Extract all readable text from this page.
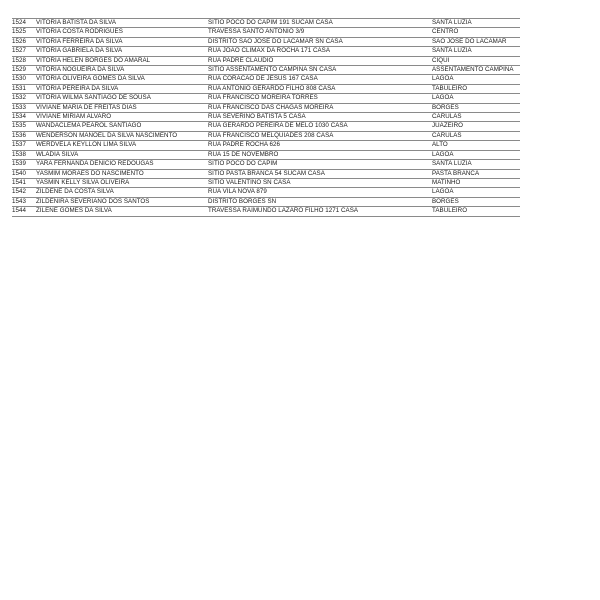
1524	VITORIA BATISTA DA SILVA	SITIO POCO DO CAPIM 191 SUCAM CASA	SANTA LUZIA
1525	VITORIA COSTA RODRIGUES	TRAVESSA SANTO ANTONIO 3/9	CENTRO
1526	VITORIA FERREIRA DA SILVA	DISTRITO SAO JOSE DO LACAMAR SN CASA	SAO JOSE DO LACAMAR
1527	VITORIA GABRIELA DA SILVA	RUA JOAO CLIMAX DA ROCHA 171 CASA	SANTA LUZIA
1528	VITORIA HELEN BORGES DO AMARAL	RUA PADRE CLAUDIO	CIQUI
1529	VITORIA NOGUEIRA DA SILVA	SITIO ASSENTAMENTO CAMPINA SN CASA	ASSENTAMENTO CAMPINA
1530	VITORIA OLIVEIRA GOMES DA SILVA	RUA CORACAO DE JESUS 167 CASA	LAGOA
1531	VITORIA PEREIRA DA SILVA	RUA ANTONIO GERARDO FILHO 808 CASA	TABULEIRO
1532	VITORIA WILMA SANTIAGO DE SOUSA	RUA FRANCISCO MOREIRA TORRES	LAGOA
1533	VIVIANE MARIA DE FREITAS DIAS	RUA FRANCISCO DAS CHAGAS MOREIRA	BORGES
1534	VIVIANE MIRIAM ALVARO	RUA SEVERINO BATISTA 5 CASA	CARULAS
1535	WANDACLEMA PEAROL SANTIAGO	RUA GERARDO PEREIRA DE MELO 1030 CASA	JUAZEIRO
1536	WENDERSON MANOEL DA SILVA NASCIMENTO	RUA FRANCISCO MELQUIADES 208 CASA	CARULAS
1537	WERDVELA KEYLLON LIMA SILVA	RUA PADRE ROCHA 626	ALTO
1538	WLADIA SILVA	RUA 15 DE NOVEMBRO	LAGOA
1539	YARA FERNANDA DENICIO REDOUGAS	SITIO POCO DO CAPIM	SANTA LUZIA
1540	YASMIM MORAES DO NASCIMENTO	SITIO PASTA BRANCA 54 SUCAM CASA	PASTA BRANCA
1541	YASMIN KELLY SILVA OLIVEIRA	SITIO VALENTINO SN CASA	MATINHO
1542	ZILDENE DA COSTA SILVA	RUA VILA NOVA 879	LAGOA
1543	ZILDENIRA SEVERIANO DOS SANTOS	DISTRITO BORGES SN	BORGES
1544	ZILENE GOMES DA SILVA	TRAVESSA RAIMUNDO LAZARO FILHO 1271 CASA	TABULEIRO
